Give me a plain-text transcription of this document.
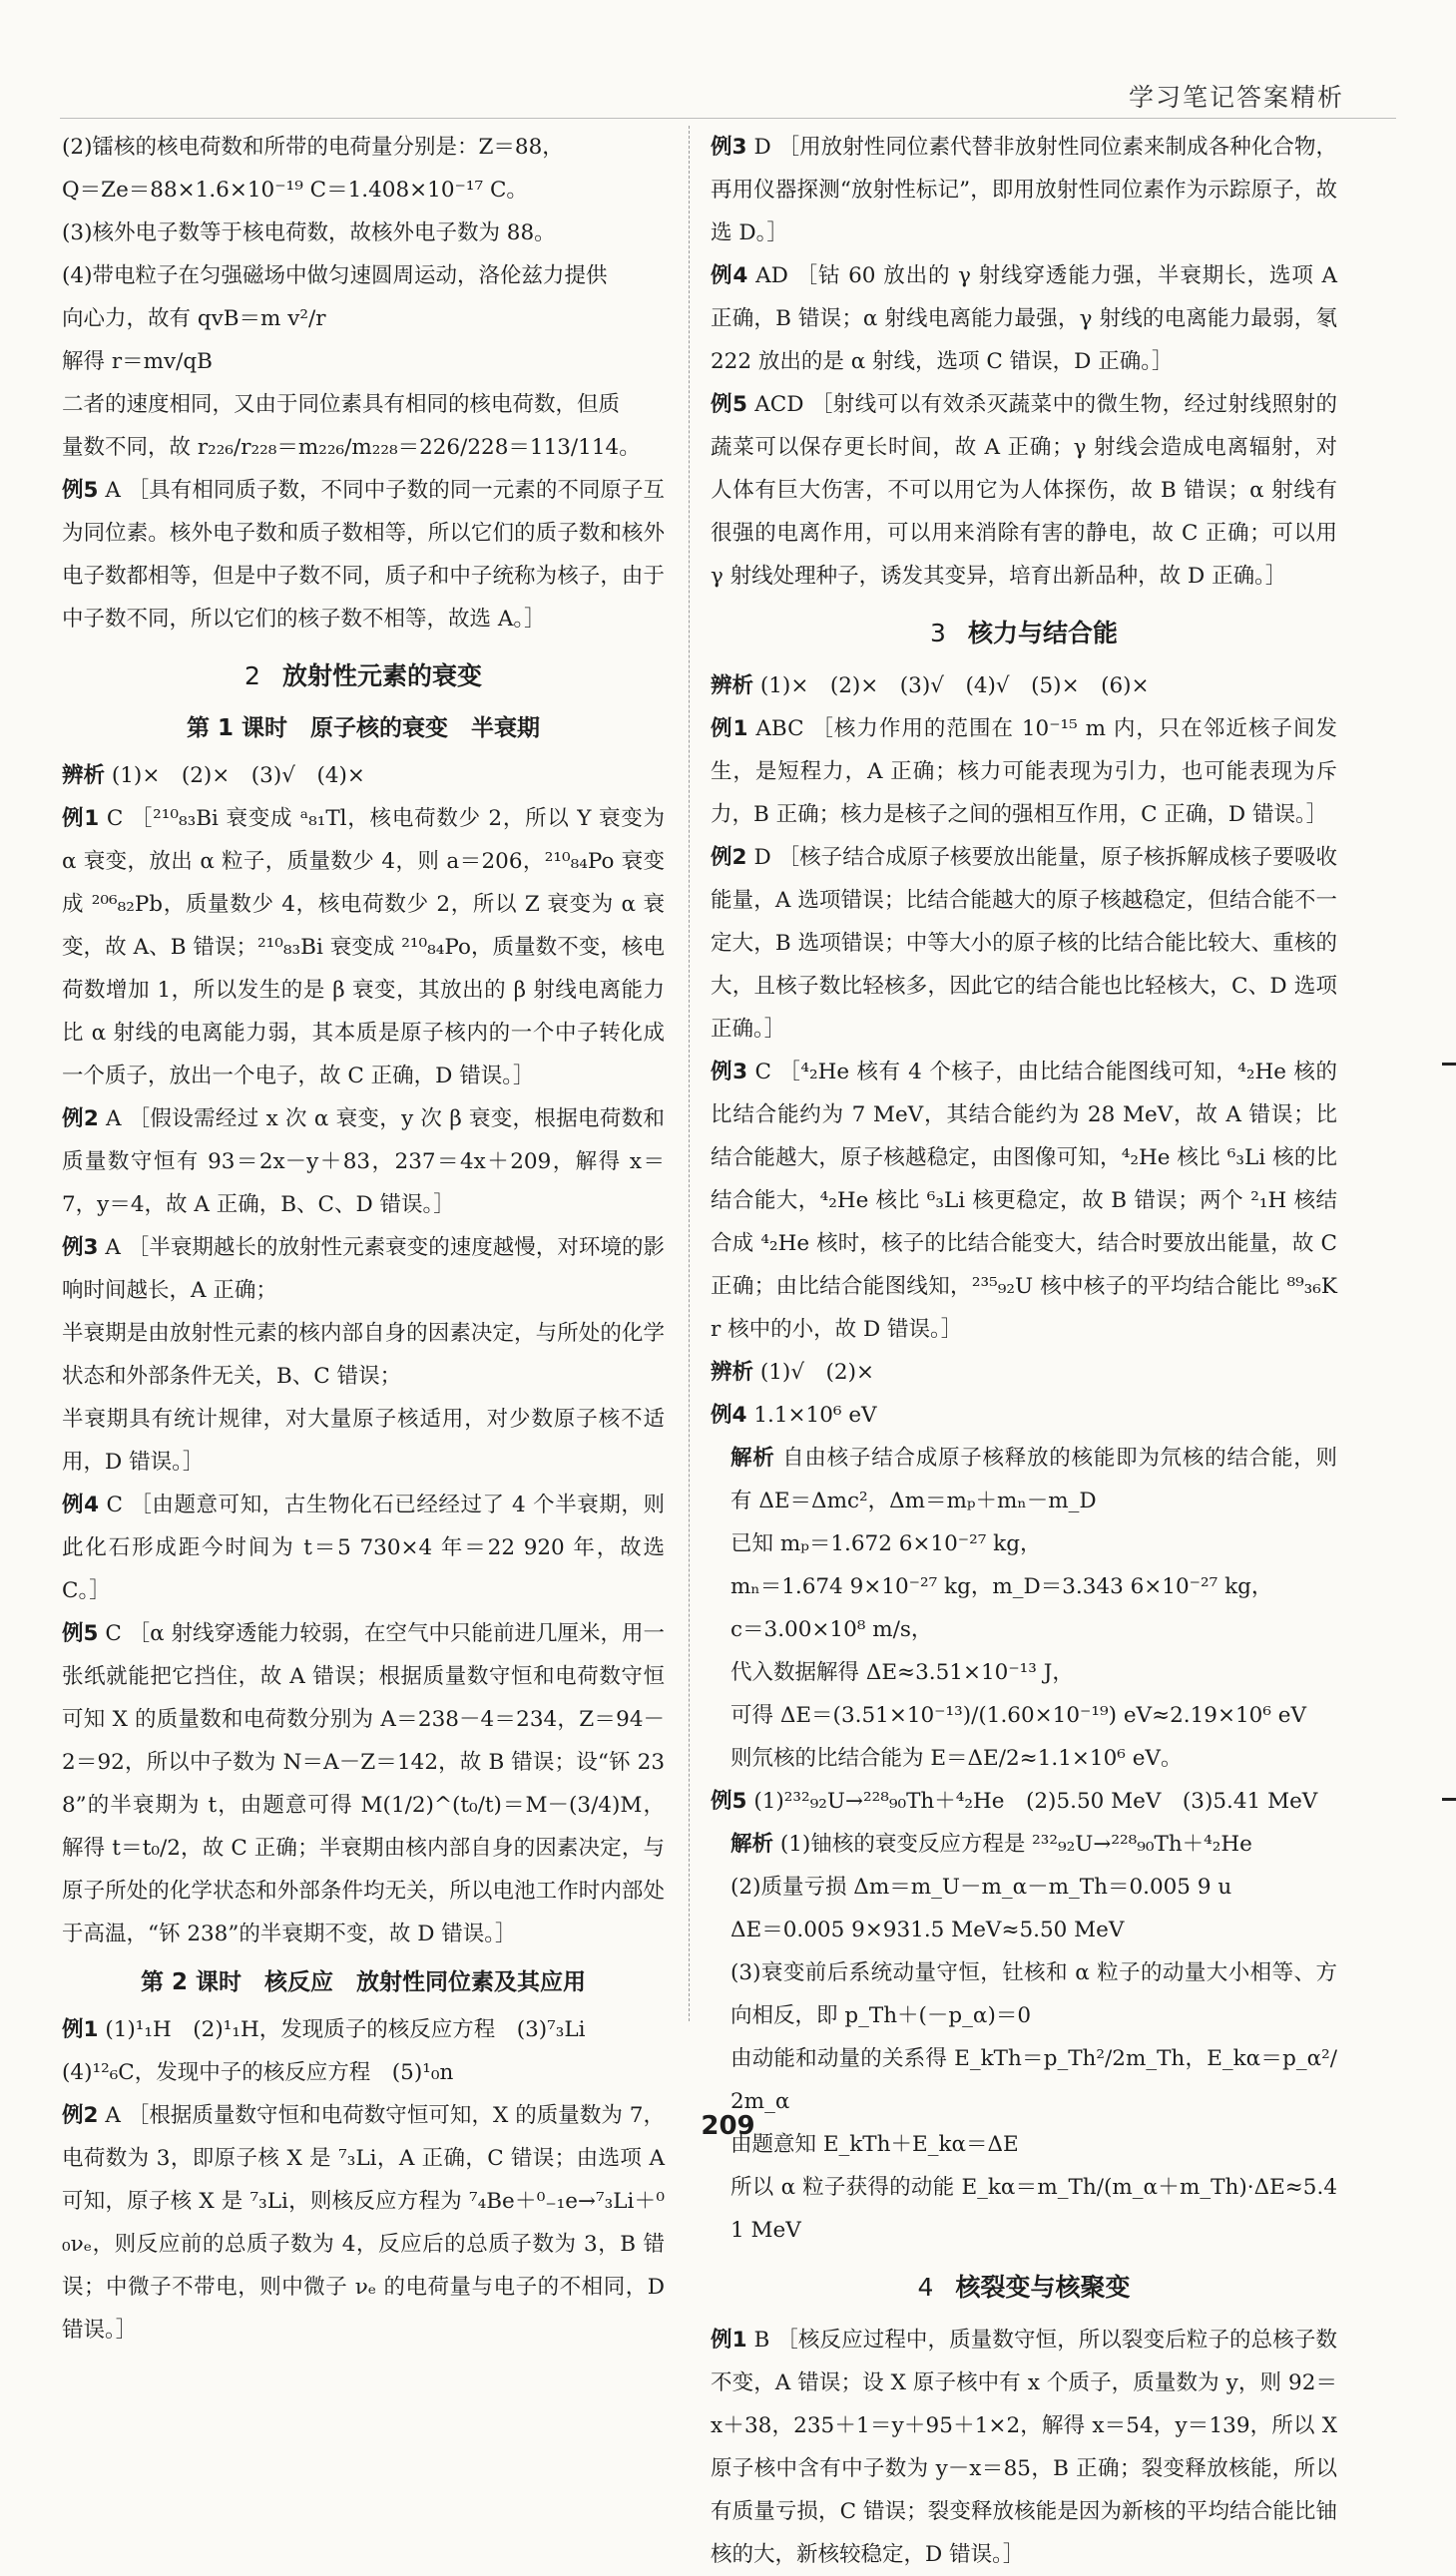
学习笔记答案精析

(2)镭核的核电荷数和所带的电荷量分别是：Z＝88，

Q＝Ze＝88×1.6×10⁻¹⁹ C＝1.408×10⁻¹⁷ C。

(3)核外电子数等于核电荷数，故核外电子数为 88。

(4)带电粒子在匀强磁场中做匀速圆周运动，洛伦兹力提供

向心力，故有 qvB＝m v²/r

解得 r＝mv/qB

二者的速度相同，又由于同位素具有相同的核电荷数，但质

量数不同，故 r₂₂₆/r₂₂₈＝m₂₂₆/m₂₂₈＝226/228＝113/114。

例5 A ［具有相同质子数，不同中子数的同一元素的不同原子互为同位素。核外电子数和质子数相等，所以它们的质子数和核外电子数都相等，但是中子数不同，质子和中子统称为核子，由于中子数不同，所以它们的核子数不相等，故选 A。］

2 放射性元素的衰变
第 1 课时　原子核的衰变　半衰期

辨析 (1)×　(2)×　(3)√　(4)×

例1 C ［²¹⁰₈₃Bi 衰变成 ᵃ₈₁Tl，核电荷数少 2，所以 Y 衰变为 α 衰变，放出 α 粒子，质量数少 4，则 a＝206，²¹⁰₈₄Po 衰变成 ²⁰⁶₈₂Pb，质量数少 4，核电荷数少 2，所以 Z 衰变为 α 衰变，故 A、B 错误；²¹⁰₈₃Bi 衰变成 ²¹⁰₈₄Po，质量数不变，核电荷数增加 1，所以发生的是 β 衰变，其放出的 β 射线电离能力比 α 射线的电离能力弱，其本质是原子核内的一个中子转化成一个质子，放出一个电子，故 C 正确，D 错误。］

例2 A ［假设需经过 x 次 α 衰变，y 次 β 衰变，根据电荷数和质量数守恒有 93＝2x－y＋83，237＝4x＋209，解得 x＝7，y＝4，故 A 正确，B、C、D 错误。］

例3 A ［半衰期越长的放射性元素衰变的速度越慢，对环境的影响时间越长，A 正确；

半衰期是由放射性元素的核内部自身的因素决定，与所处的化学状态和外部条件无关，B、C 错误；

半衰期具有统计规律，对大量原子核适用，对少数原子核不适用，D 错误。］

例4 C ［由题意可知，古生物化石已经经过了 4 个半衰期，则此化石形成距今时间为 t＝5 730×4 年＝22 920 年，故选 C。］

例5 C ［α 射线穿透能力较弱，在空气中只能前进几厘米，用一张纸就能把它挡住，故 A 错误；根据质量数守恒和电荷数守恒可知 X 的质量数和电荷数分别为 A＝238－4＝234，Z＝94－2＝92，所以中子数为 N＝A－Z＝142，故 B 错误；设“钚 238”的半衰期为 t，由题意可得 M(1/2)^(t₀/t)＝M－(3/4)M，解得 t＝t₀/2，故 C 正确；半衰期由核内部自身的因素决定，与原子所处的化学状态和外部条件均无关，所以电池工作时内部处于高温，“钚 238”的半衰期不变，故 D 错误。］

第 2 课时　核反应　放射性同位素及其应用

例1 (1)¹₁H　(2)¹₁H，发现质子的核反应方程　(3)⁷₃Li

(4)¹²₆C，发现中子的核反应方程　(5)¹₀n

例2 A ［根据质量数守恒和电荷数守恒可知，X 的质量数为 7，电荷数为 3，即原子核 X 是 ⁷₃Li，A 正确，C 错误；由选项 A 可知，原子核 X 是 ⁷₃Li，则核反应方程为 ⁷₄Be＋⁰₋₁e→⁷₃Li＋⁰₀νₑ，则反应前的总质子数为 4，反应后的总质子数为 3，B 错误；中微子不带电，则中微子 νₑ 的电荷量与电子的不相同，D 错误。］

例3 D ［用放射性同位素代替非放射性同位素来制成各种化合物，再用仪器探测“放射性标记”，即用放射性同位素作为示踪原子，故选 D。］

例4 AD ［钴 60 放出的 γ 射线穿透能力强，半衰期长，选项 A 正确，B 错误；α 射线电离能力最强，γ 射线的电离能力最弱，氡 222 放出的是 α 射线，选项 C 错误，D 正确。］

例5 ACD ［射线可以有效杀灭蔬菜中的微生物，经过射线照射的蔬菜可以保存更长时间，故 A 正确；γ 射线会造成电离辐射，对人体有巨大伤害，不可以用它为人体探伤，故 B 错误；α 射线有很强的电离作用，可以用来消除有害的静电，故 C 正确；可以用 γ 射线处理种子，诱发其变异，培育出新品种，故 D 正确。］

3 核力与结合能

辨析 (1)×　(2)×　(3)√　(4)√　(5)×　(6)×

例1 ABC ［核力作用的范围在 10⁻¹⁵ m 内，只在邻近核子间发生，是短程力，A 正确；核力可能表现为引力，也可能表现为斥力，B 正确；核力是核子之间的强相互作用，C 正确，D 错误。］

例2 D ［核子结合成原子核要放出能量，原子核拆解成核子要吸收能量，A 选项错误；比结合能越大的原子核越稳定，但结合能不一定大，B 选项错误；中等大小的原子核的比结合能比较大、重核的大，且核子数比轻核多，因此它的结合能也比轻核大，C、D 选项正确。］

例3 C ［⁴₂He 核有 4 个核子，由比结合能图线可知，⁴₂He 核的比结合能约为 7 MeV，其结合能约为 28 MeV，故 A 错误；比结合能越大，原子核越稳定，由图像可知，⁴₂He 核比 ⁶₃Li 核的比结合能大，⁴₂He 核比 ⁶₃Li 核更稳定，故 B 错误；两个 ²₁H 核结合成 ⁴₂He 核时，核子的比结合能变大，结合时要放出能量，故 C 正确；由比结合能图线知，²³⁵₉₂U 核中核子的平均结合能比 ⁸⁹₃₆Kr 核中的小，故 D 错误。］

辨析 (1)√　(2)×

例4 1.1×10⁶ eV

解析 自由核子结合成原子核释放的核能即为氘核的结合能，则有 ΔE＝Δmc²，Δm＝mₚ＋mₙ－m_D

已知 mₚ＝1.672 6×10⁻²⁷ kg，

mₙ＝1.674 9×10⁻²⁷ kg，m_D＝3.343 6×10⁻²⁷ kg，

c＝3.00×10⁸ m/s，

代入数据解得 ΔE≈3.51×10⁻¹³ J，

可得 ΔE＝(3.51×10⁻¹³)/(1.60×10⁻¹⁹) eV≈2.19×10⁶ eV

则氘核的比结合能为 E＝ΔE/2≈1.1×10⁶ eV。

例5 (1)²³²₉₂U→²²⁸₉₀Th＋⁴₂He　(2)5.50 MeV　(3)5.41 MeV

解析 (1)铀核的衰变反应方程是 ²³²₉₂U→²²⁸₉₀Th＋⁴₂He

(2)质量亏损 Δm＝m_U－m_α－m_Th＝0.005 9 u

ΔE＝0.005 9×931.5 MeV≈5.50 MeV

(3)衰变前后系统动量守恒，钍核和 α 粒子的动量大小相等、方向相反，即 p_Th＋(－p_α)＝0

由动能和动量的关系得 E_kTh＝p_Th²/2m_Th，E_kα＝p_α²/2m_α

由题意知 E_kTh＋E_kα＝ΔE

所以 α 粒子获得的动能 E_kα＝m_Th/(m_α＋m_Th)·ΔE≈5.41 MeV

4 核裂变与核聚变

例1 B ［核反应过程中，质量数守恒，所以裂变后粒子的总核子数不变，A 错误；设 X 原子核中有 x 个质子，质量数为 y，则 92＝x＋38，235＋1＝y＋95＋1×2，解得 x＝54，y＝139，所以 X 原子核中含有中子数为 y－x＝85，B 正确；裂变释放核能，所以有质量亏损，C 错误；裂变释放核能是因为新核的平均结合能比铀核的大，新核较稳定，D 错误。］

209
